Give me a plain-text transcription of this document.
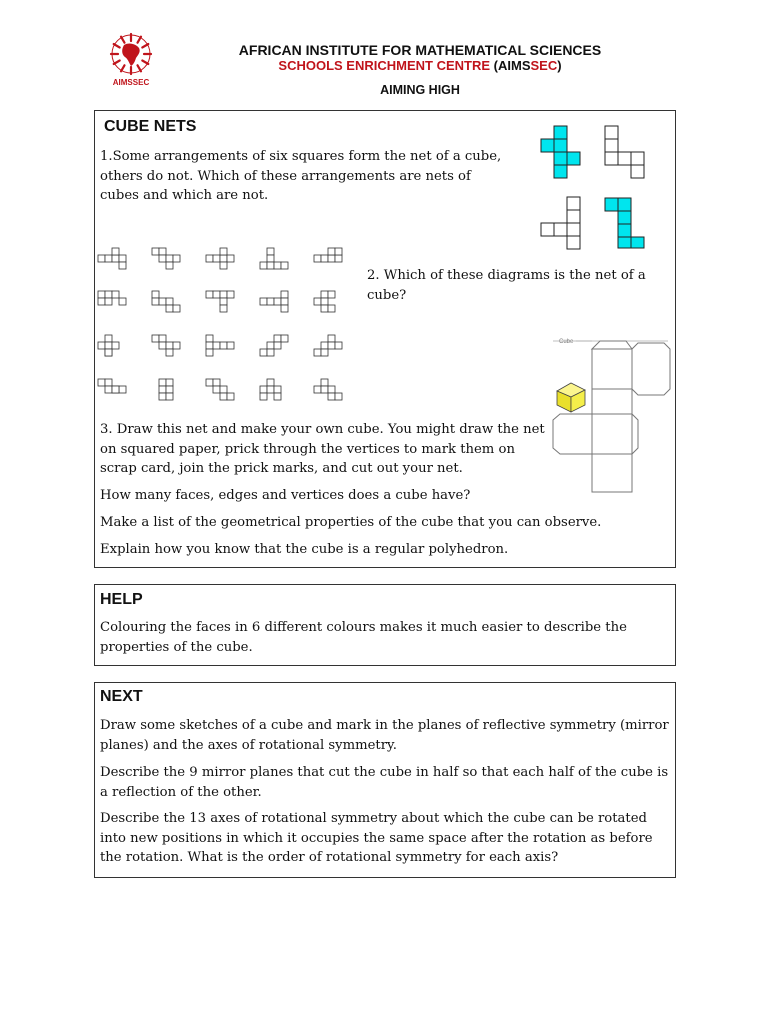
AIMSSEC
AFRICAN INSTITUTE FOR MATHEMATICAL SCIENCES
SCHOOLS ENRICHMENT CENTRE (AIMSSEC)
AIMING HIGH
CUBE NETS
1.Some arrangements of six squares form the net of a cube, others do not. Which of these arrangements are nets of cubes and which are not.
2. Which of these diagrams is the net of a cube?
3. Draw this net and make your own cube. You might draw the net on squared paper, prick through the vertices to mark them on scrap card, join the prick marks, and cut out your net.
How many faces, edges and vertices does a cube have?
Make a list of the geometrical properties of the cube that you can observe.
Explain how you know that the cube is a regular polyhedron.
Cube
HELP
Colouring the faces in 6 different colours makes it much easier to describe the properties of the cube.
NEXT
Draw some sketches of a cube and mark in the planes of reflective symmetry (mirror planes) and the axes of rotational symmetry.
Describe the 9 mirror planes that cut the cube in half so that each half of the cube is a reflection of the other.
Describe the 13 axes of rotational symmetry about which the cube can be rotated into new positions in which it occupies the same space after the rotation as before the rotation. What is the order of rotational symmetry for each axis?
